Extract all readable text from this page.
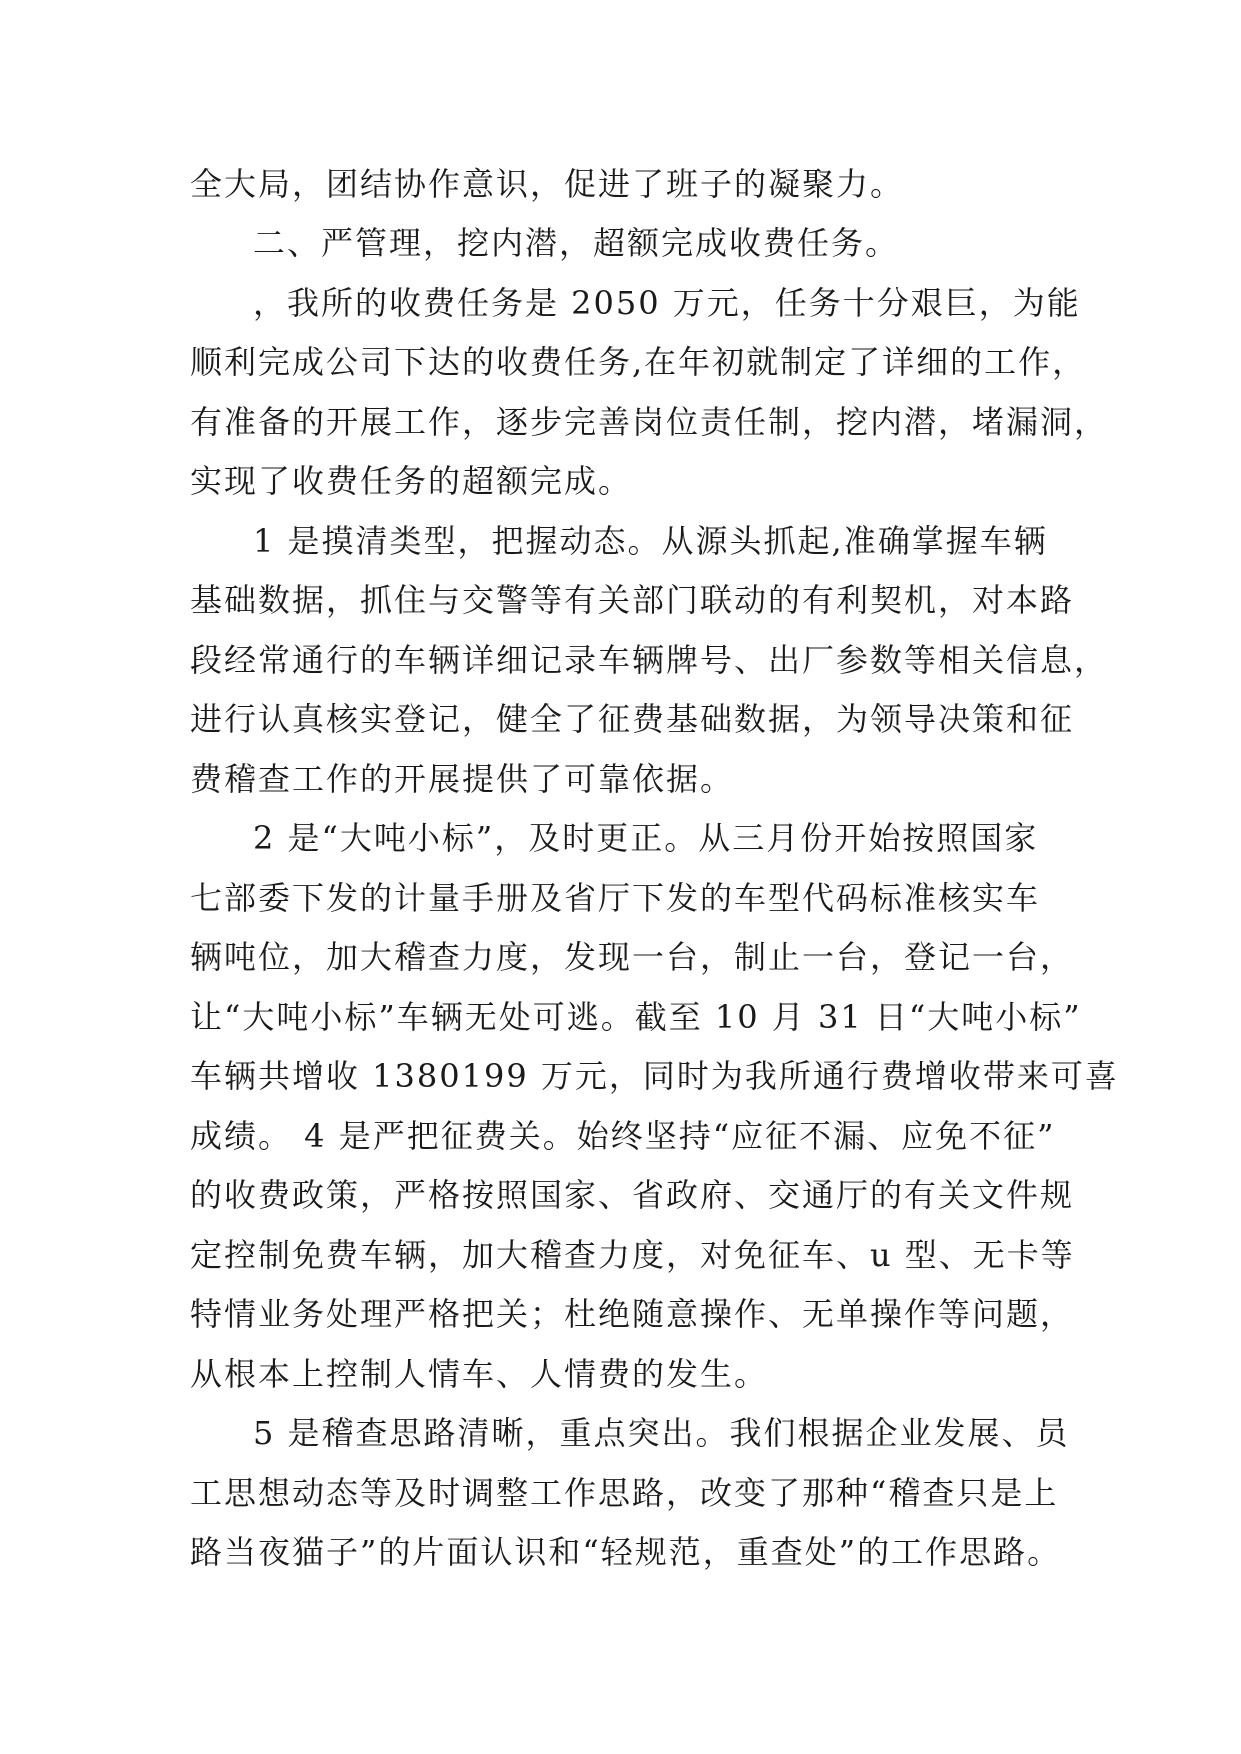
全大局，团结协作意识，促进了班子的凝聚力。
二、严管理，挖内潜，超额完成收费任务。
，我所的收费任务是 2050 万元，任务十分艰巨，为能
顺利完成公司下达的收费任务,在年初就制定了详细的工作，
有准备的开展工作，逐步完善岗位责任制，挖内潜，堵漏洞，
实现了收费任务的超额完成。
1 是摸清类型，把握动态。从源头抓起,准确掌握车辆
基础数据，抓住与交警等有关部门联动的有利契机，对本路
段经常通行的车辆详细记录车辆牌号、出厂参数等相关信息，
进行认真核实登记，健全了征费基础数据，为领导决策和征
费稽查工作的开展提供了可靠依据。
2 是“大吨小标”，及时更正。从三月份开始按照国家
七部委下发的计量手册及省厅下发的车型代码标准核实车
辆吨位，加大稽查力度，发现一台，制止一台，登记一台，
让“大吨小标”车辆无处可逃。截至 10 月 31 日“大吨小标”
车辆共增收 1380199 万元，同时为我所通行费增收带来可喜
成绩。 4 是严把征费关。始终坚持“应征不漏、应免不征”
的收费政策，严格按照国家、省政府、交通厅的有关文件规
定控制免费车辆，加大稽查力度，对免征车、u 型、无卡等
特情业务处理严格把关；杜绝随意操作、无单操作等问题，
从根本上控制人情车、人情费的发生。
5 是稽查思路清晰，重点突出。我们根据企业发展、员
工思想动态等及时调整工作思路，改变了那种“稽查只是上
路当夜猫子”的片面认识和“轻规范，重查处”的工作思路。
